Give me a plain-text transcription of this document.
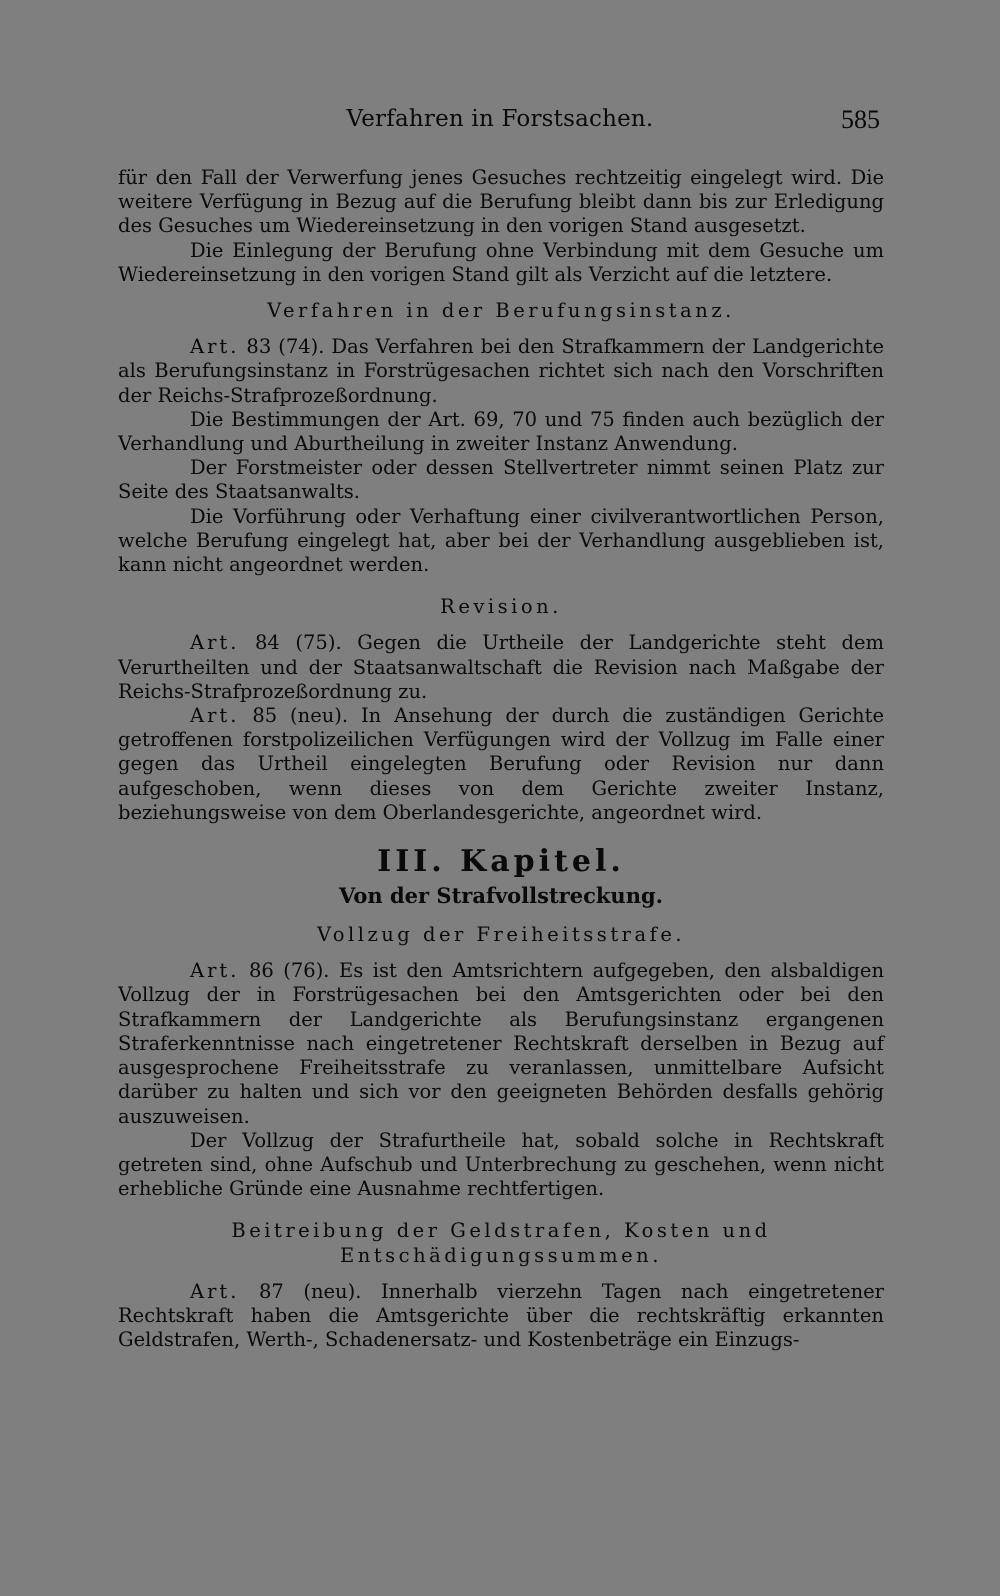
Verfahren in Forstsachen.	585

für den Fall der Verwerfung jenes Gesuches rechtzeitig eingelegt wird. Die weitere Verfügung in Bezug auf die Berufung bleibt dann bis zur Erledigung des Gesuches um Wiedereinsetzung in den vorigen Stand ausgesetzt.

Die Einlegung der Berufung ohne Verbindung mit dem Gesuche um Wiedereinsetzung in den vorigen Stand gilt als Verzicht auf die letztere.

Verfahren in der Berufungsinstanz.

Art. 83 (74). Das Verfahren bei den Strafkammern der Landgerichte als Berufungsinstanz in Forstrügesachen richtet sich nach den Vorschriften der Reichs-Strafprozeßordnung.

Die Bestimmungen der Art. 69, 70 und 75 finden auch bezüglich der Verhandlung und Aburtheilung in zweiter Instanz Anwendung.

Der Forstmeister oder dessen Stellvertreter nimmt seinen Platz zur Seite des Staatsanwalts.

Die Vorführung oder Verhaftung einer civilverantwortlichen Person, welche Berufung eingelegt hat, aber bei der Verhandlung ausgeblieben ist, kann nicht angeordnet werden.

Revision.

Art. 84 (75). Gegen die Urtheile der Landgerichte steht dem Verurtheilten und der Staatsanwaltschaft die Revision nach Maßgabe der Reichs-Strafprozeßordnung zu.

Art. 85 (neu). In Ansehung der durch die zuständigen Gerichte getroffenen forstpolizeilichen Verfügungen wird der Vollzug im Falle einer gegen das Urtheil eingelegten Berufung oder Revision nur dann aufgeschoben, wenn dieses von dem Gerichte zweiter Instanz, beziehungsweise von dem Oberlandesgerichte, angeordnet wird.

III. Kapitel.

Von der Strafvollstreckung.

Vollzug der Freiheitsstrafe.

Art. 86 (76). Es ist den Amtsrichtern aufgegeben, den alsbaldigen Vollzug der in Forstrügesachen bei den Amtsgerichten oder bei den Strafkammern der Landgerichte als Berufungsinstanz ergangenen Straferkenntnisse nach eingetretener Rechtskraft derselben in Bezug auf ausgesprochene Freiheitsstrafe zu veranlassen, unmittelbare Aufsicht darüber zu halten und sich vor den geeigneten Behörden desfalls gehörig auszuweisen.

Der Vollzug der Strafurtheile hat, sobald solche in Rechtskraft getreten sind, ohne Aufschub und Unterbrechung zu geschehen, wenn nicht erhebliche Gründe eine Ausnahme rechtfertigen.

Beitreibung der Geldstrafen, Kosten und Entschädigungssummen.

Art. 87 (neu). Innerhalb vierzehn Tagen nach eingetretener Rechtskraft haben die Amtsgerichte über die rechtskräftig erkannten Geldstrafen, Werth-, Schadenersatz- und Kostenbeträge ein Einzugs-
